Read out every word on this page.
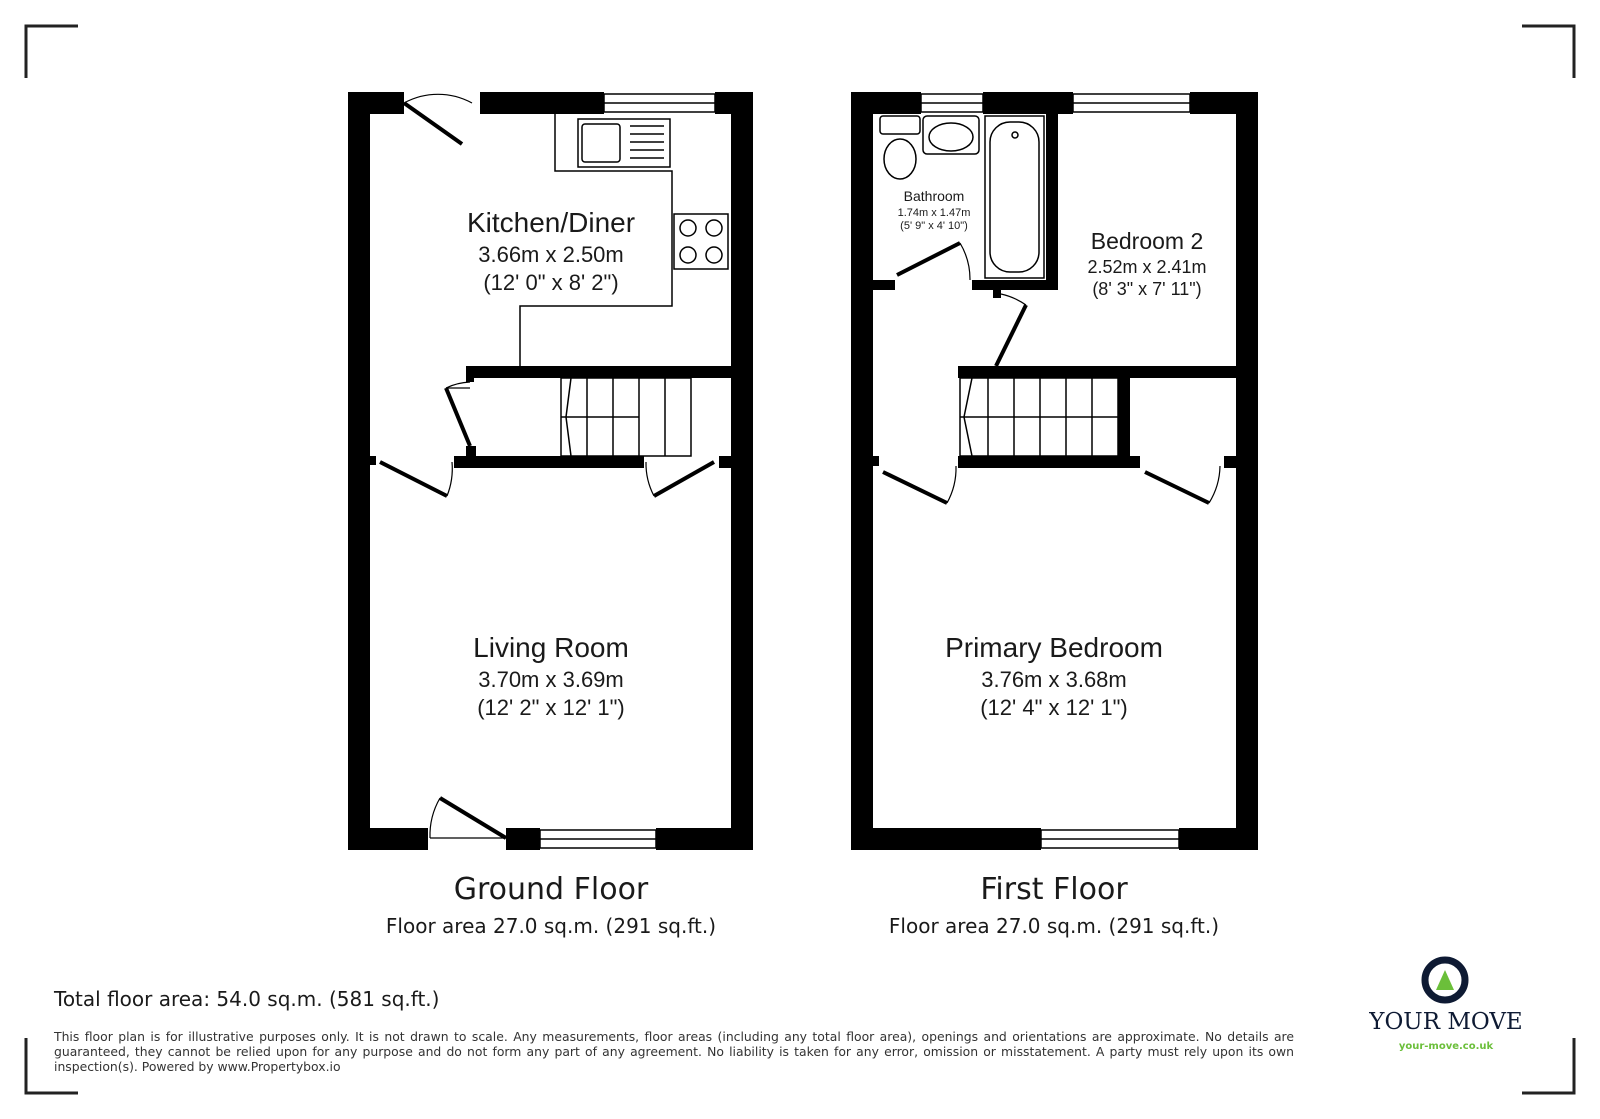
Kitchen/Diner
3.66m x 2.50m
(12' 0" x 8' 2")
Living Room
3.70m x 3.69m
(12' 2" x 12' 1")
Bathroom
1.74m x 1.47m
(5' 9" x 4' 10")
Bedroom 2
2.52m x 2.41m
(8' 3" x 7' 11")
Primary Bedroom
3.76m x 3.68m
(12' 4" x 12' 1")
Ground Floor
Floor area 27.0 sq.m. (291 sq.ft.)
First Floor
Floor area 27.0 sq.m. (291 sq.ft.)
Total floor area: 54.0 sq.m. (581 sq.ft.)
This floor plan is for illustrative purposes only. It is not drawn to scale. Any measurements, floor areas (including any total floor area), openings and orientations are approximate. No details are guaranteed, they cannot be relied upon for any purpose and do not form any part of any agreement. No liability is taken for any error, omission or misstatement. A party must rely upon its own inspection(s). Powered by www.Propertybox.io
YOUR MOVE
your-move.co.uk
